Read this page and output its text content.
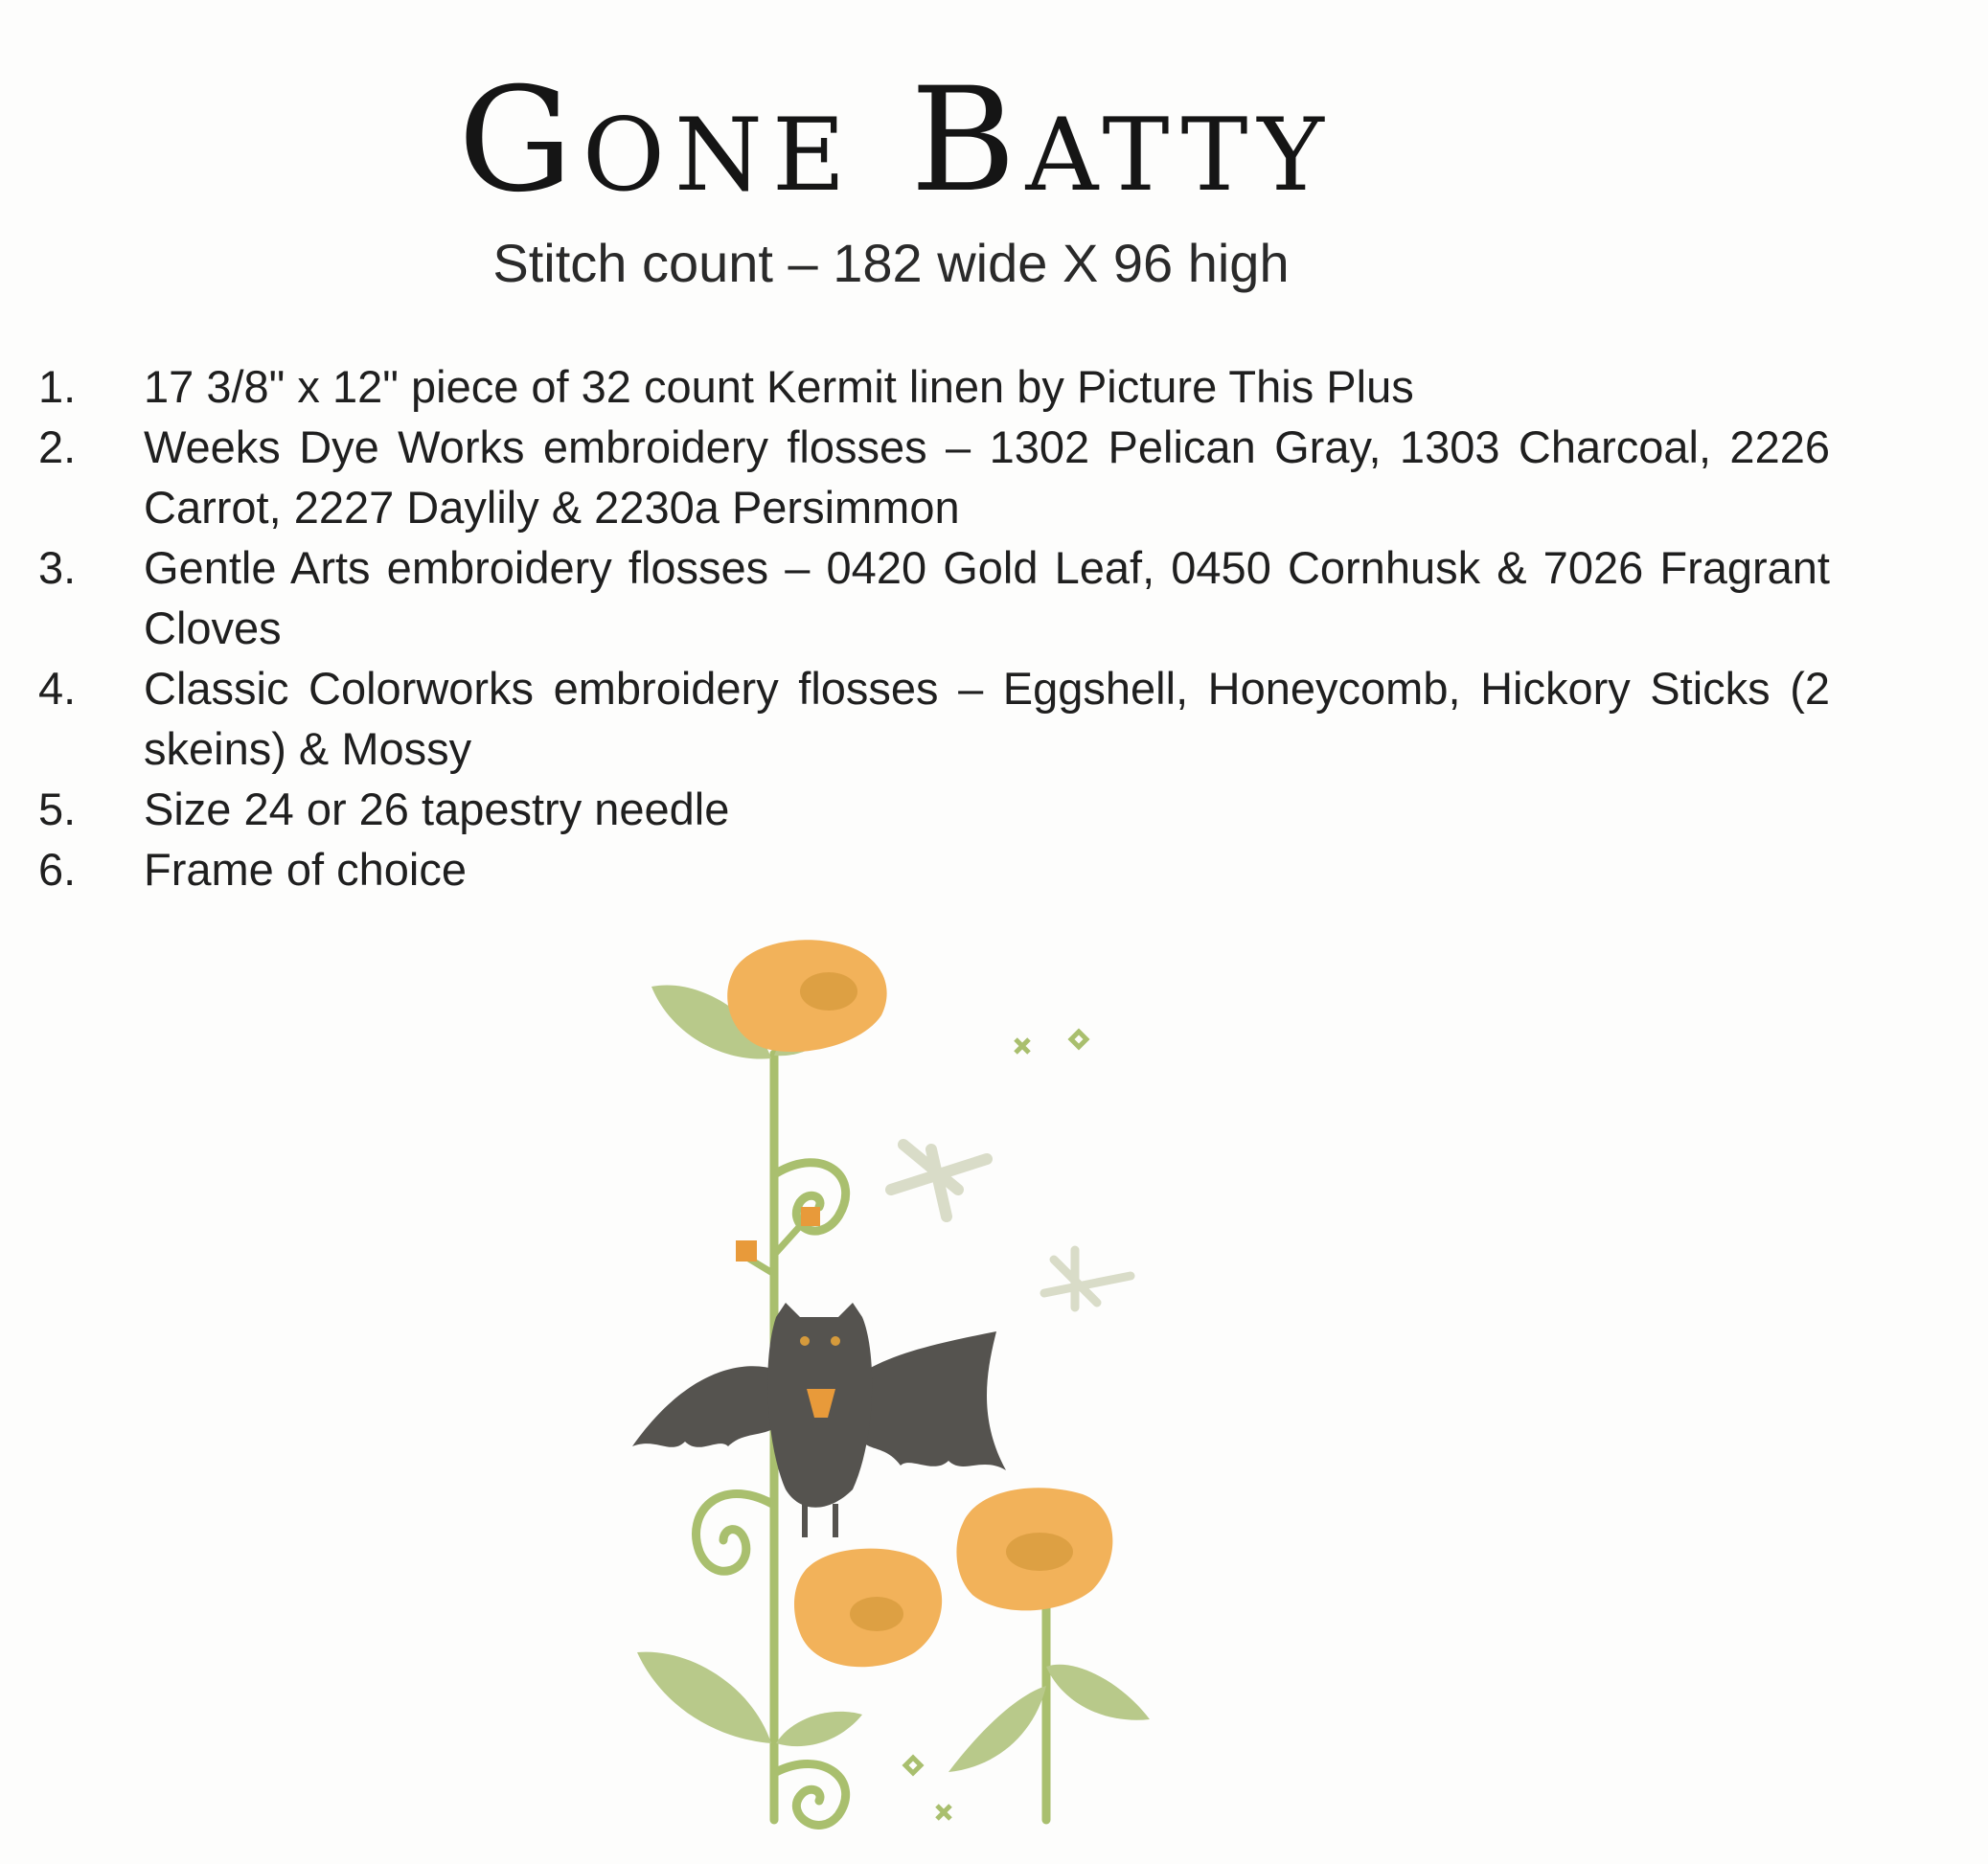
Gone Batty
Stitch count – 182 wide X 96 high
1. 17 3/8" x 12" piece of 32 count Kermit linen by Picture This Plus
2. Weeks Dye Works embroidery flosses – 1302 Pelican Gray, 1303 Charcoal, 2226 Carrot, 2227 Daylily & 2230a Persimmon
3. Gentle Arts embroidery flosses – 0420 Gold Leaf, 0450 Cornhusk & 7026 Fragrant Cloves
4. Classic Colorworks embroidery flosses – Eggshell, Honeycomb, Hickory Sticks (2 skeins) & Mossy
5. Size 24 or 26 tapestry needle
6. Frame of choice
